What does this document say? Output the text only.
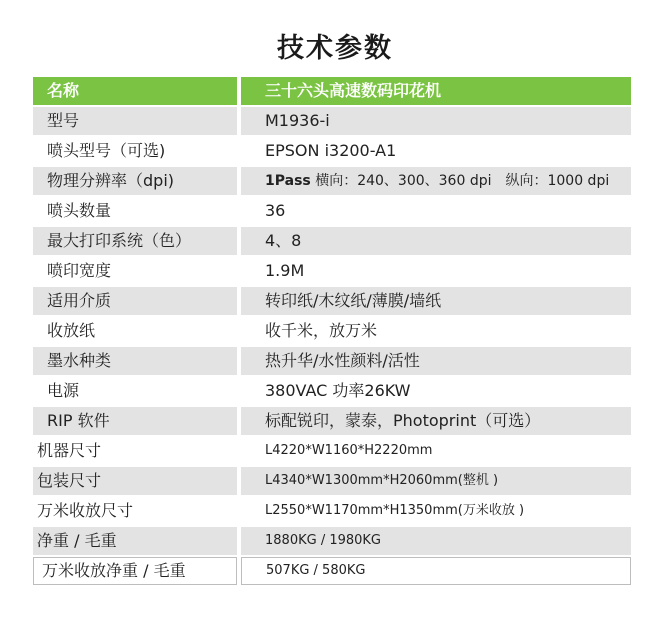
技术参数
名称	三十六头高速数码印花机
型号	M1936-i
喷头型号（可选)	EPSON i3200-A1
物理分辨率（dpi)	1Pass 横向：240、300、360 dpi　纵向：1000 dpi
喷头数量	36
最大打印系统（色）	4、8
喷印宽度	1.9M
适用介质	转印纸/木纹纸/薄膜/墙纸
收放纸	收千米，放万米
墨水种类	热升华/水性颜料/活性
电源	380VAC 功率26KW
RIP 软件	标配锐印，蒙泰，Photoprint（可选）
机器尺寸	L4220*W1160*H2220mm
包装尺寸	L4340*W1300mm*H2060mm(整机 )
万米收放尺寸	L2550*W1170mm*H1350mm(万米收放 )
净重 / 毛重	1880KG / 1980KG
万米收放净重 / 毛重	507KG / 580KG
